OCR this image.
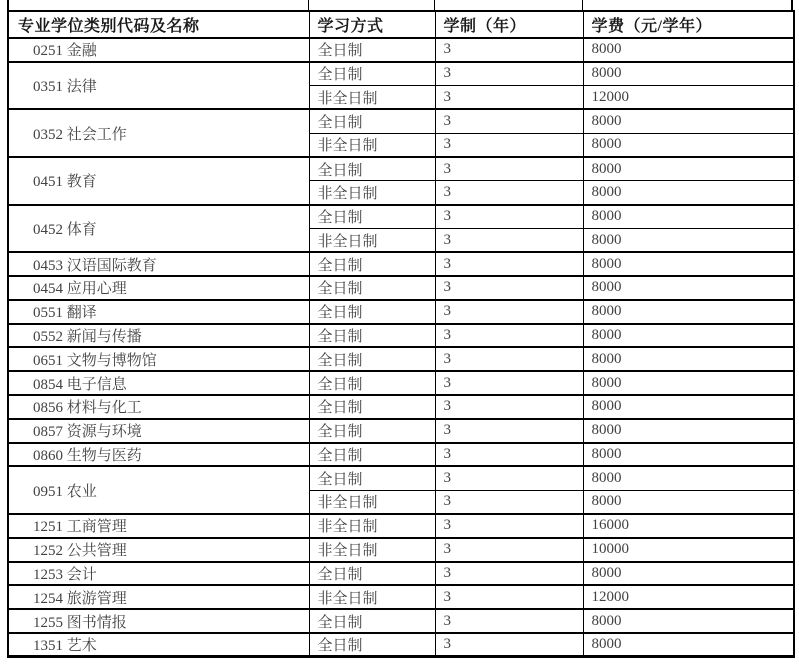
专业学位类别代码及名称	学习方式	学制（年）	学费（元/学年）
0251 金融	全日制	3	8000
0351 法律	全日制	3	8000
	非全日制	3	12000
0352 社会工作	全日制	3	8000
	非全日制	3	8000
0451 教育	全日制	3	8000
	非全日制	3	8000
0452 体育	全日制	3	8000
	非全日制	3	8000
0453 汉语国际教育	全日制	3	8000
0454 应用心理	全日制	3	8000
0551 翻译	全日制	3	8000
0552 新闻与传播	全日制	3	8000
0651 文物与博物馆	全日制	3	8000
0854 电子信息	全日制	3	8000
0856 材料与化工	全日制	3	8000
0857 资源与环境	全日制	3	8000
0860 生物与医药	全日制	3	8000
0951 农业	全日制	3	8000
	非全日制	3	8000
1251 工商管理	非全日制	3	16000
1252 公共管理	非全日制	3	10000
1253 会计	全日制	3	8000
1254 旅游管理	非全日制	3	12000
1255 图书情报	全日制	3	8000
1351 艺术	全日制	3	8000
